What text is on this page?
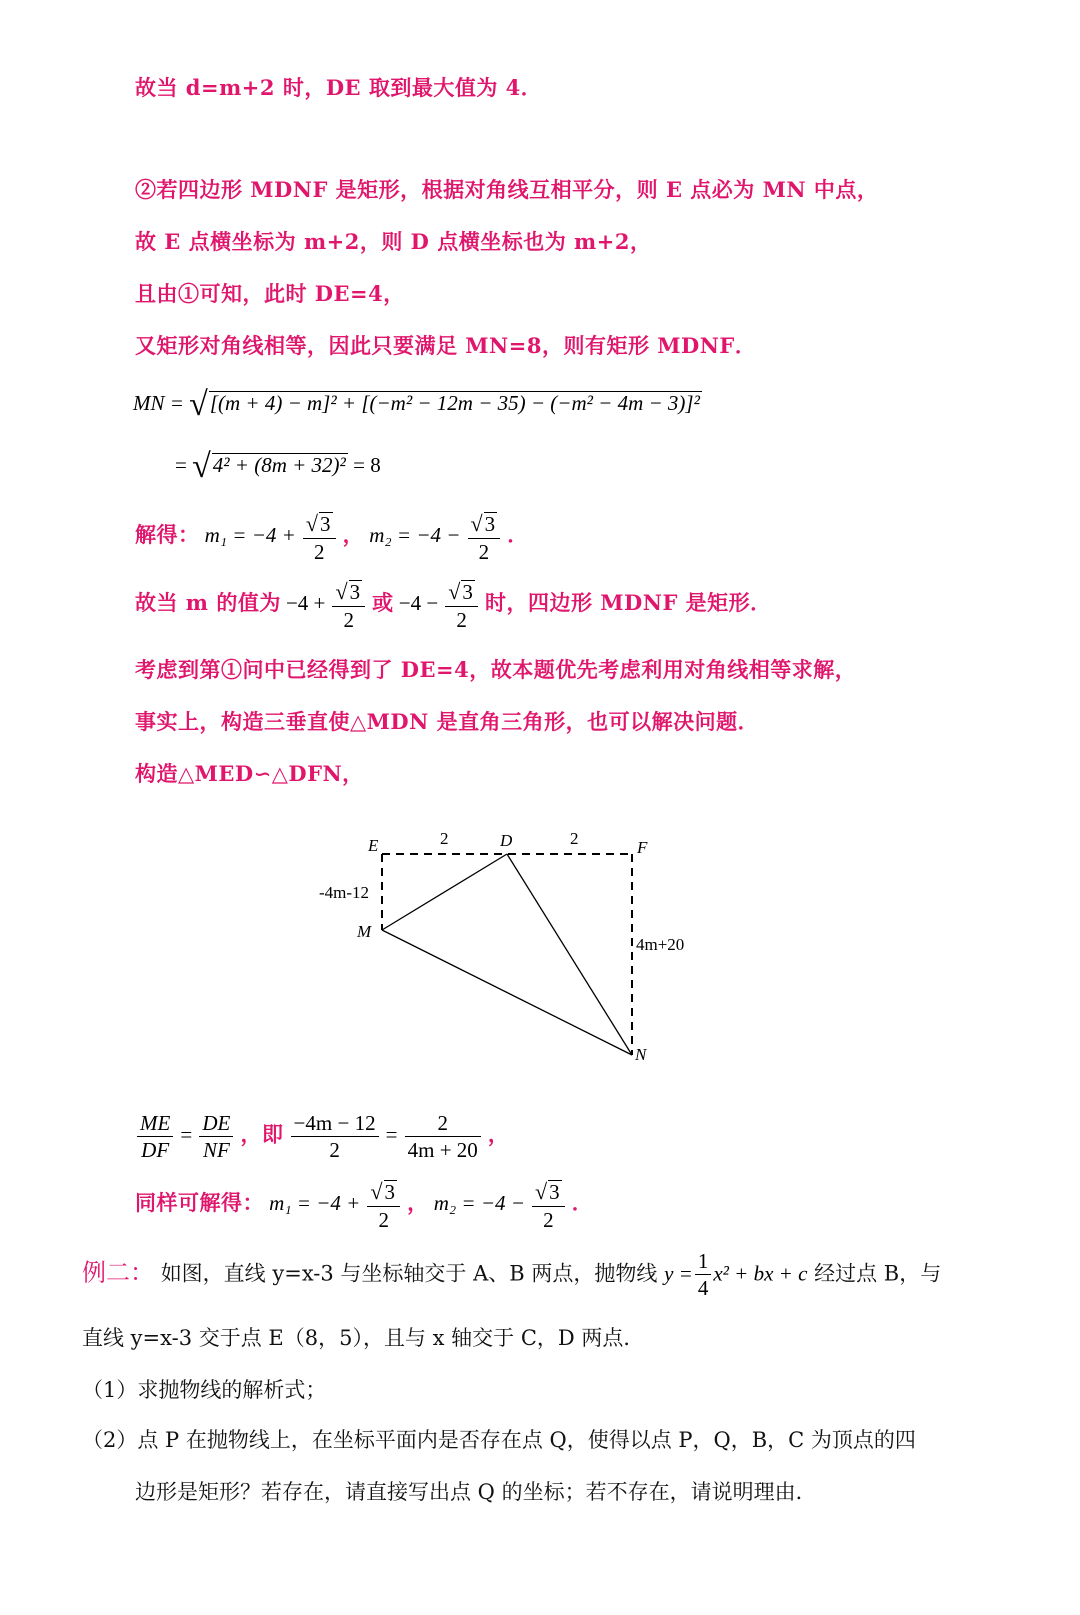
故当 d=m+2 时，DE 取到最大值为 4．
②若四边形 MDNF 是矩形，根据对角线互相平分，则 E 点必为 MN 中点，
故 E 点横坐标为 m+2，则 D 点横坐标也为 m+2，
且由①可知，此时 DE=4，
又矩形对角线相等，因此只要满足 MN=8，则有矩形 MDNF．
MN = √[(m + 4) − m]² + [(−m² − 12m − 35) − (−m² − 4m − 3)]²
= √4² + (8m + 32)² = 8
解得： $m_1 = -4 + \frac{√3}{2}$ ， $m_2 = -4 - \frac{√3}{2}$ ．
故当 m 的值为 $-4 + \frac{√3}{2}$ 或 $-4 - \frac{√3}{2}$ 时，四边形 MDNF 是矩形．
考虑到第①问中已经得到了 DE=4，故本题优先考虑利用对角线相等求解，
事实上，构造三垂直使△MDN 是直角三角形，也可以解决问题．
构造△MED∽△DFN，
E	D	F
M
N
2	2
-4m-12
4m+20
$\frac{ME}{DF} = \frac{DE}{NF}$ ，即 $\frac{-4m - 12}{2} = \frac{2}{4m + 20}$ ，
同样可解得： $m_1 = -4 + \frac{√3}{2}$ ， $m_2 = -4 - \frac{√3}{2}$ ．
例二： 如图，直线 y=x-3 与坐标轴交于 A、B 两点，抛物线 $y = \frac{1}{4} x^2$ + bx + c 经过点 B，与
直线 y=x-3 交于点 E（8，5），且与 x 轴交于 C，D 两点．
（1）求抛物线的解析式；
（2）点 P 在抛物线上，在坐标平面内是否存在点 Q，使得以点 P，Q，B，C 为顶点的四
边形是矩形？若存在，请直接写出点 Q 的坐标；若不存在，请说明理由．
